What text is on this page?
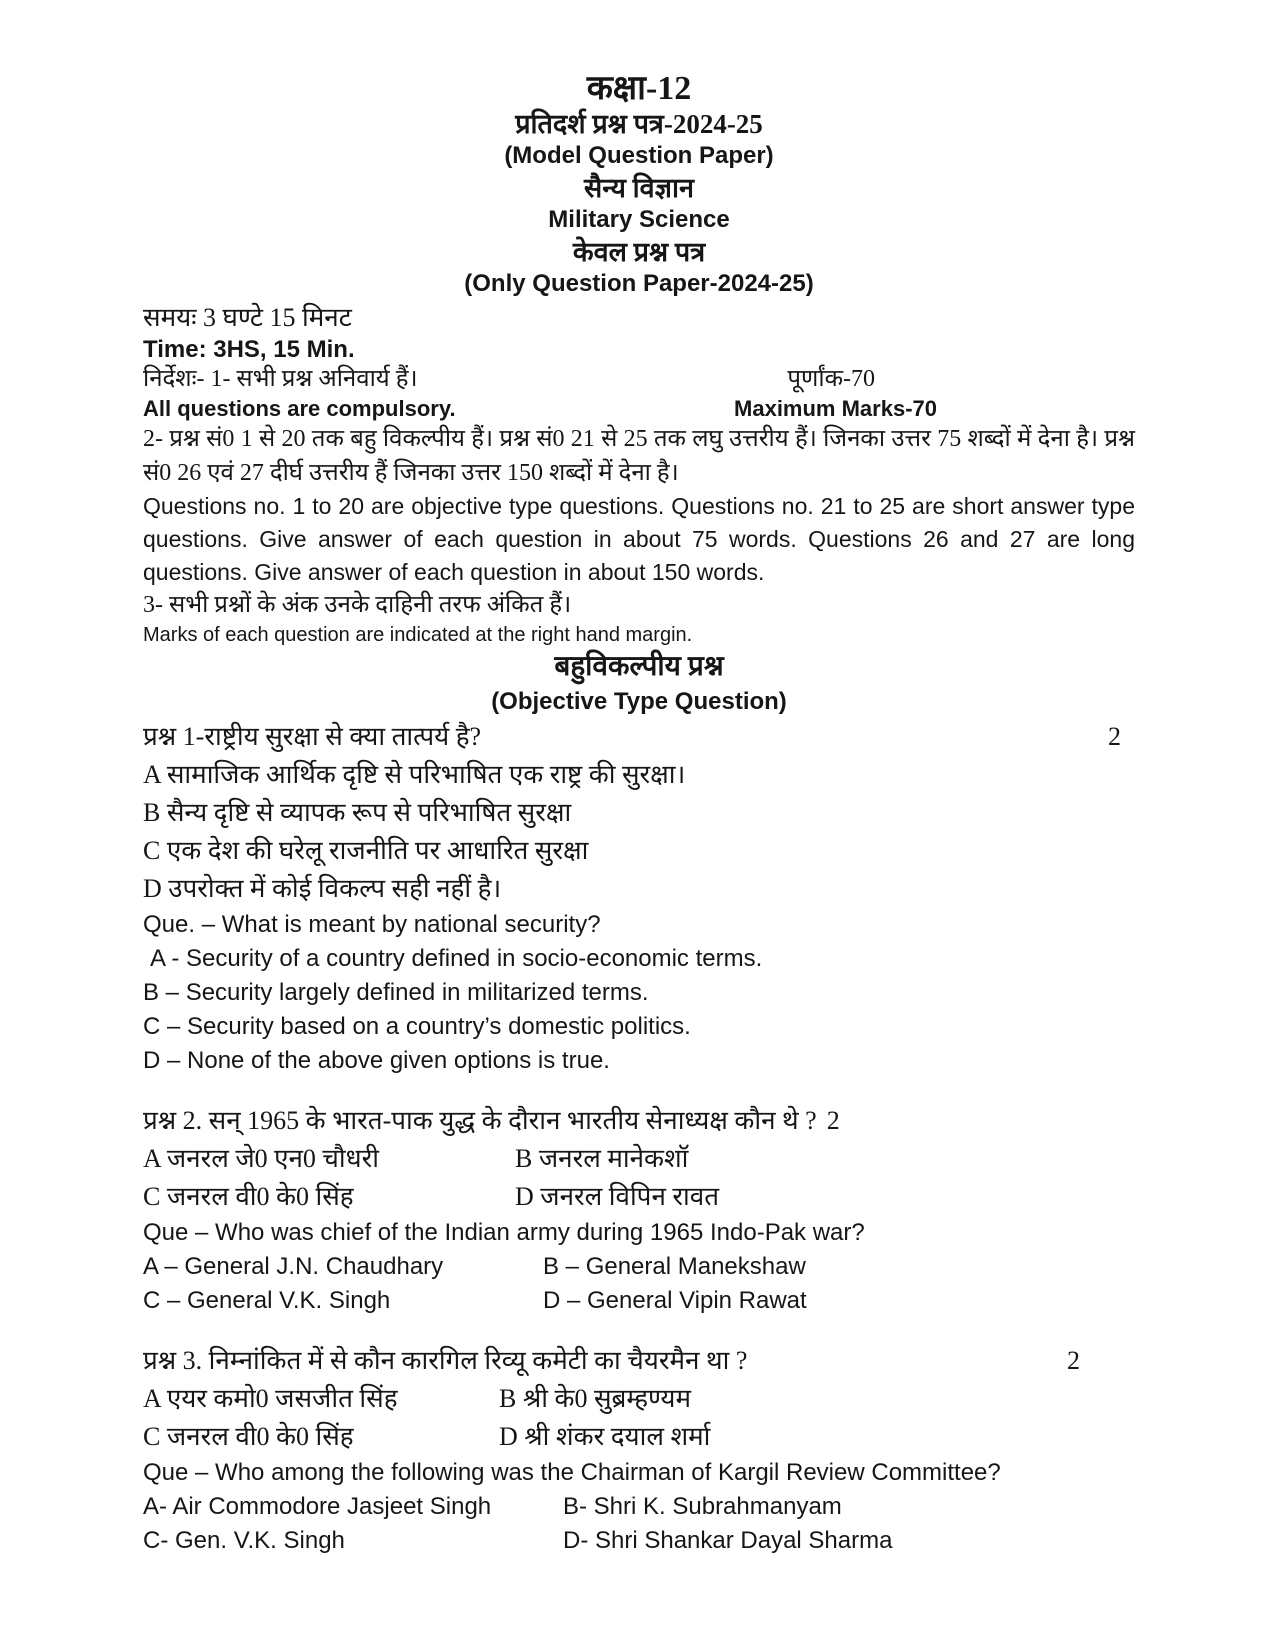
कक्षा-12
प्रतिदर्श प्रश्न पत्र-2024-25
(Model Question Paper)
सैन्य विज्ञान
Military Science
केवल प्रश्न पत्र
(Only Question Paper-2024-25)
समयः 3 घण्टे 15 मिनट
Time: 3HS, 15 Min.
निर्देशः- 1- सभी प्रश्न अनिवार्य हैं।	पूर्णांक-70
All questions are compulsory.	Maximum Marks-70
2- प्रश्न सं0 1 से 20 तक बहु विकल्पीय हैं। प्रश्न सं0 21 से 25 तक लघु उत्तरीय हैं। जिनका उत्तर 75 शब्दों में देना है। प्रश्न सं0 26 एवं 27 दीर्घ उत्तरीय हैं जिनका उत्तर 150 शब्दों में देना है।
Questions no. 1 to 20 are objective type questions. Questions no. 21 to 25 are short answer type questions. Give answer of each question in about 75 words. Questions 26 and 27 are long questions. Give answer of each question in about 150 words.
3- सभी प्रश्नों के अंक उनके दाहिनी तरफ अंकित हैं।
Marks of each question are indicated at the right hand margin.
बहुविकल्पीय प्रश्न
(Objective Type Question)
प्रश्न 1-राष्ट्रीय सुरक्षा से क्या तात्पर्य है?	2
A सामाजिक आर्थिक दृष्टि से परिभाषित एक राष्ट्र की सुरक्षा।
B सैन्य दृष्टि से व्यापक रूप से परिभाषित सुरक्षा
C एक देश की घरेलू राजनीति पर आधारित सुरक्षा
D उपरोक्त में कोई विकल्प सही नहीं है।
Que. – What is meant by national security?
A - Security of a country defined in socio-economic terms.
B – Security largely defined in militarized terms.
C – Security based on a country’s domestic politics.
D – None of the above given options is true.
प्रश्न 2. सन् 1965 के भारत-पाक युद्ध के दौरान भारतीय सेनाध्यक्ष कौन थे ? 2
A जनरल जे0 एन0 चौधरी	B जनरल मानेकशॉ
C जनरल वी0 के0 सिंह	D जनरल विपिन रावत
Que – Who was chief of the Indian army during 1965 Indo-Pak war?
A – General J.N. Chaudhary	B – General Manekshaw
C – General V.K. Singh	D – General Vipin Rawat
प्रश्न 3. निम्नांकित में से कौन कारगिल रिव्यू कमेटी का चैयरमैन था ?	2
A एयर कमो0 जसजीत सिंह	B श्री के0 सुब्रम्हण्यम
C जनरल वी0 के0 सिंह	D श्री शंकर दयाल शर्मा
Que – Who among the following was the Chairman of Kargil Review Committee?
A- Air Commodore Jasjeet Singh	B- Shri K. Subrahmanyam
C- Gen. V.K. Singh	D- Shri Shankar Dayal Sharma
